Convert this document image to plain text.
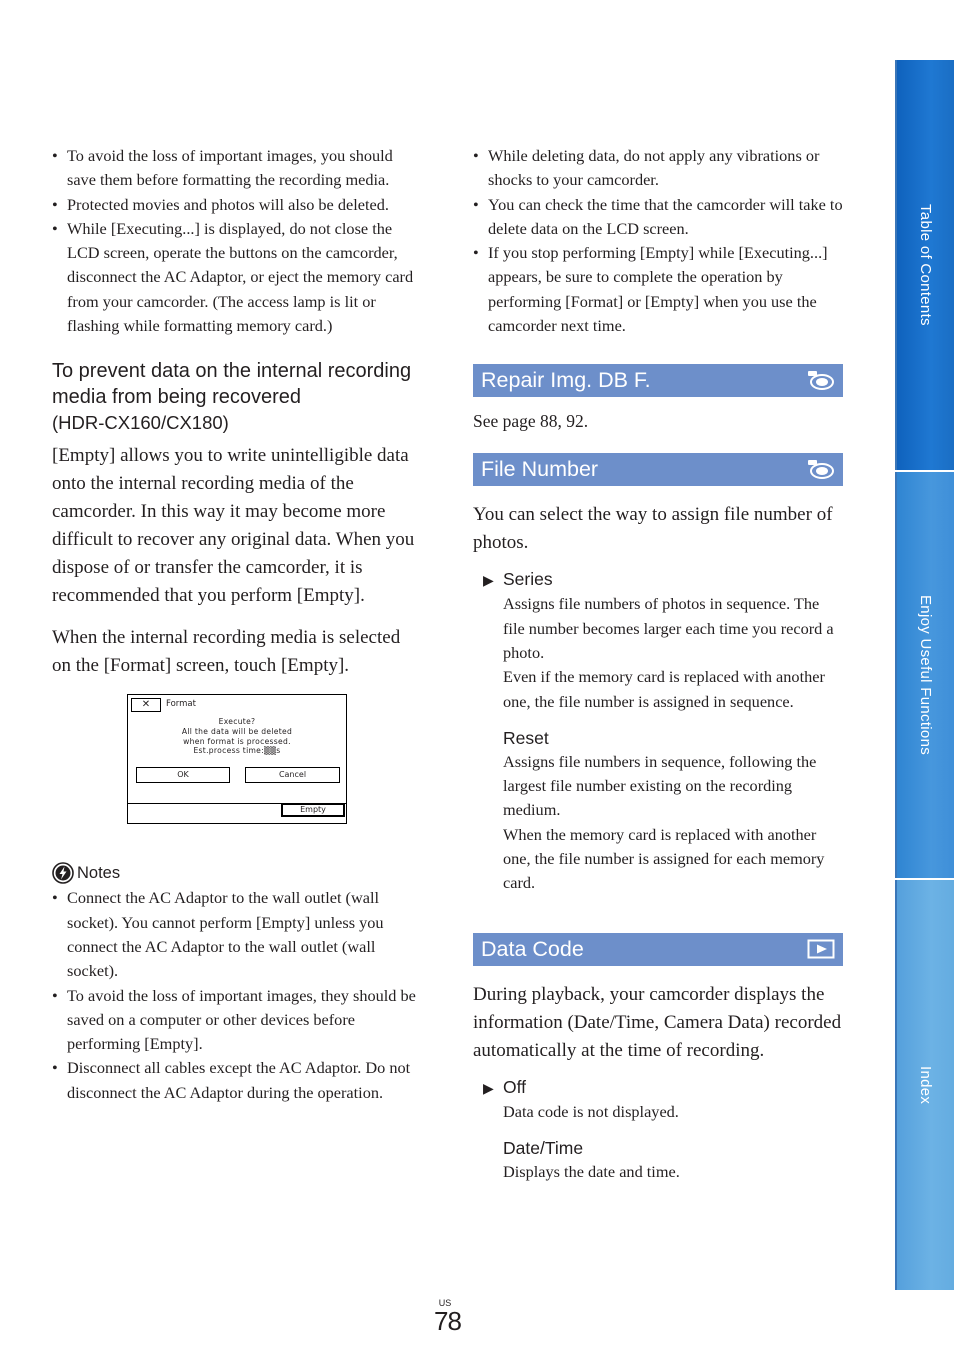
• To avoid the loss of important images, you should save them before formatting the recording media.
• Protected movies and photos will also be deleted.
• While [Executing...] is displayed, do not close the LCD screen, operate the buttons on the camcorder, disconnect the AC Adaptor, or eject the memory card from your camcorder. (The access lamp is lit or flashing while formatting memory card.)
To prevent data on the internal recording media from being recovered
(HDR-CX160/CX180)

[Empty] allows you to write unintelligible data onto the internal recording media of the camcorder. In this way it may become more difficult to recover any original data. When you dispose of or transfer the camcorder, it is recommended that you perform [Empty].

When the internal recording media is selected on the [Format] screen, touch [Empty].

✕	Format
Execute?
All the data will be deleted
when format is processed.
Est.process time:▒▒s
OK	Cancel
Empty
Notes
• Connect the AC Adaptor to the wall outlet (wall socket). You cannot perform [Empty] unless you connect the AC Adaptor to the wall outlet (wall socket).
• To avoid the loss of important images, they should be saved on a computer or other devices before performing [Empty].
• Disconnect all cables except the AC Adaptor. Do not disconnect the AC Adaptor during the operation.
• While deleting data, do not apply any vibrations or shocks to your camcorder.
• You can check the time that the camcorder will take to delete data on the LCD screen.
• If you stop performing [Empty] while [Executing...] appears, be sure to complete the operation by performing [Format] or [Empty] when you use the camcorder next time.
Repair Img. DB F.

See page 88, 92.

File Number

You can select the way to assign file number of photos.

▶ Series
Assigns file numbers of photos in sequence. The file number becomes larger each time you record a photo.
Even if the memory card is replaced with another one, the file number is assigned in sequence.
Reset
Assigns file numbers in sequence, following the largest file number existing on the recording medium.
When the memory card is replaced with another one, the file number is assigned for each memory card.
Data Code

During playback, your camcorder displays the information (Date/Time, Camera Data) recorded automatically at the time of recording.

▶ Off
Data code is not displayed.
Date/Time
Displays the date and time.
Table of Contents
Enjoy Useful Functions
Index
US
78
